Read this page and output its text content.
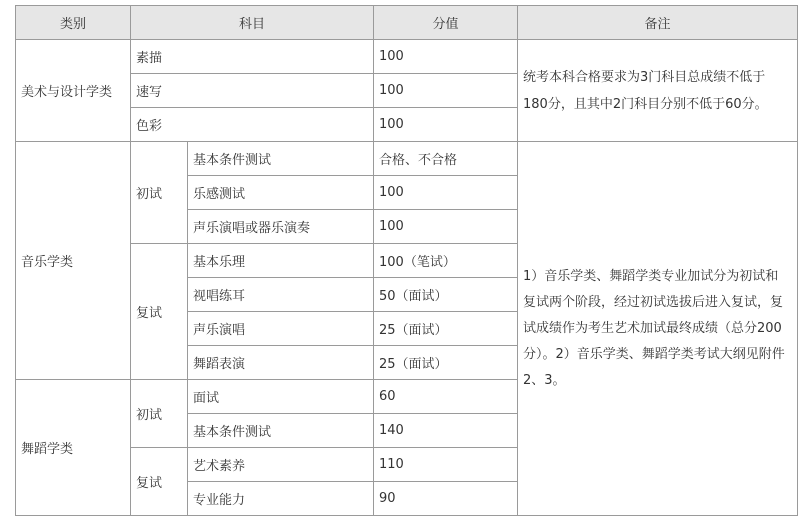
类别	科目		分值	备注
美术与设计学类	素描		100	统考本科合格要求为3门科目总成绩不低于180分，且其中2门科目分别不低于60分。
	速写		100	
	色彩		100	
音乐学类	初试	基本条件测试	合格、不合格	1）音乐学类、舞蹈学类专业加试分为初试和复试两个阶段，经过初试选拔后进入复试，复试成绩作为考生艺术加试最终成绩（总分200分）。2）音乐学类、舞蹈学类考试大纲见附件2、3。
		乐感测试	100	
		声乐演唱或器乐演奏	100	
	复试	基本乐理	100（笔试）	
		视唱练耳	50（面试）	
		声乐演唱	25（面试）	
		舞蹈表演	25（面试）	
舞蹈学类	初试	面试	60	
		基本条件测试	140	
	复试	艺术素养	110	
		专业能力	90	
